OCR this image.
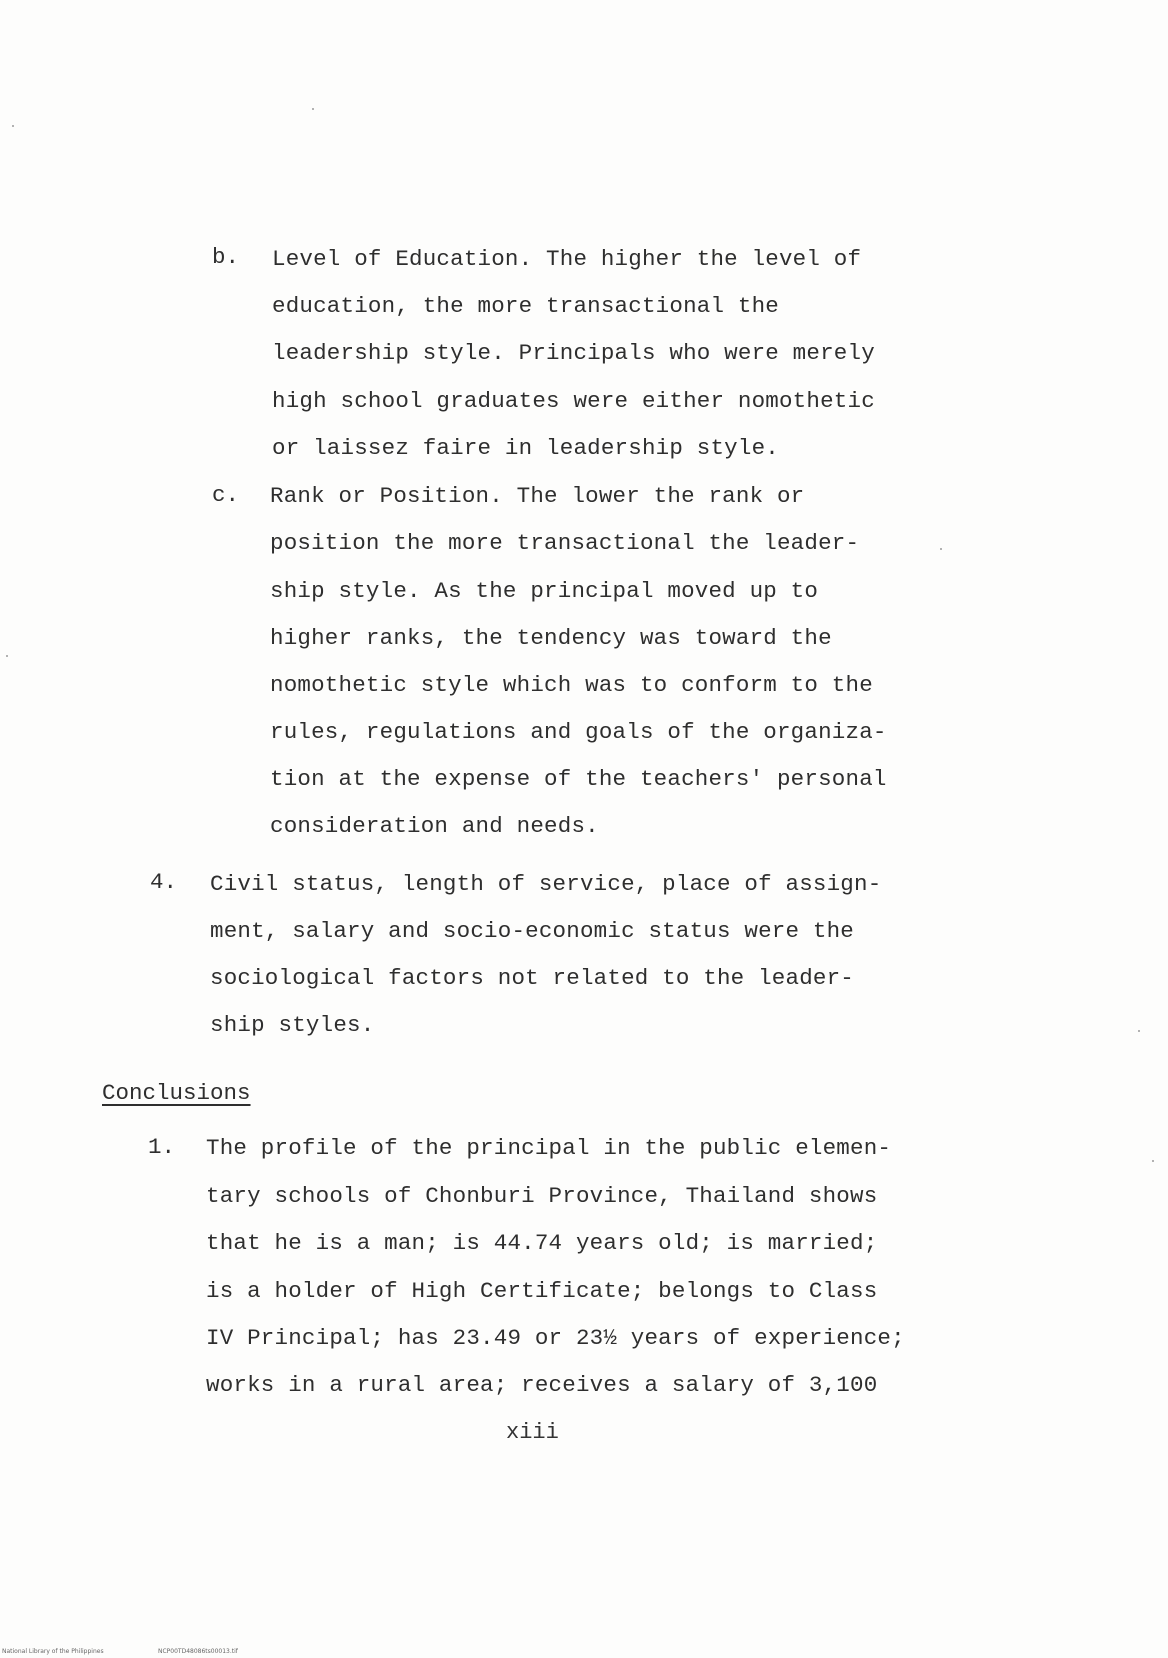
b. Level of Education. The higher the level of
education, the more transactional the
leadership style. Principals who were merely
high school graduates were either nomothetic
or laissez faire in leadership style.
c. Rank or Position. The lower the rank or
position the more transactional the leader-
ship style. As the principal moved up to
higher ranks, the tendency was toward the
nomothetic style which was to conform to the
rules, regulations and goals of the organiza-
tion at the expense of the teachers' personal
consideration and needs.
4. Civil status, length of service, place of assign-
ment, salary and socio-economic status were the
sociological factors not related to the leader-
ship styles.
Conclusions
1. The profile of the principal in the public elemen-
tary schools of Chonburi Province, Thailand shows
that he is a man; is 44.74 years old; is married;
is a holder of High Certificate; belongs to Class
IV Principal; has 23.49 or 23½ years of experience;
works in a rural area; receives a salary of 3,100
xiii
National Library of the Philippines	NCP00TD48086ts00013.tif
